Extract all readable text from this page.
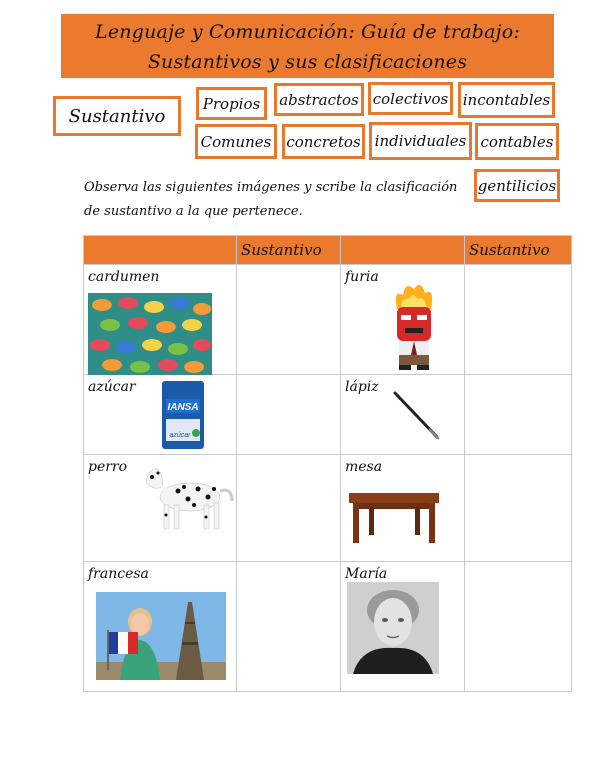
Lenguaje y Comunicación: Guía de trabajo: Sustantivos y sus clasificaciones
Sustantivo
Propios	abstractos colectivos incontables
Comunes	concretos individuales contables
gentilicios
Observa las siguientes imágenes y scribe la clasificación de sustantivo a la que pertenece.
	Sustantivo		Sustantivo
cardumen		furia

azúcar
IANSA
azúcar		lápiz

perro		mesa

francesa		María
